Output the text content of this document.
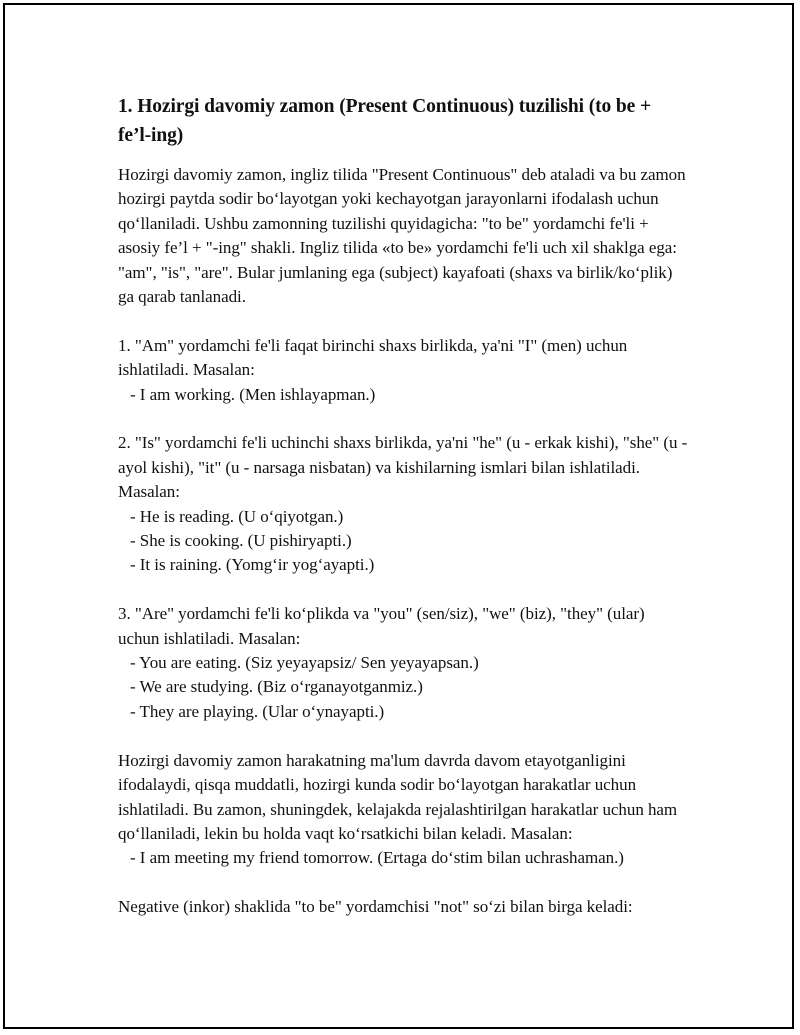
1. Hozirgi davomiy zamon (Present Continuous) tuzilishi (to be + fe’l-ing)

Hozirgi davomiy zamon, ingliz tilida "Present Continuous" deb ataladi va bu zamon hozirgi paytda sodir bo‘layotgan yoki kechayotgan jarayonlarni ifodalash uchun qo‘llaniladi. Ushbu zamonning tuzilishi quyidagicha: "to be" yordamchi fe'li + asosiy fe’l + "-ing" shakli. Ingliz tilida «to be» yordamchi fe'li uch xil shaklga ega: "am", "is", "are". Bular jumlaning ega (subject) kayafoati (shaxs va birlik/ko‘plik) ga qarab tanlanadi.

1. "Am" yordamchi fe'li faqat birinchi shaxs birlikda, ya'ni "I" (men) uchun ishlatiladi. Masalan:

- I am working. (Men ishlayapman.)

2. "Is" yordamchi fe'li uchinchi shaxs birlikda, ya'ni "he" (u - erkak kishi), "she" (u - ayol kishi), "it" (u - narsaga nisbatan) va kishilarning ismlari bilan ishlatiladi. Masalan:

- He is reading. (U o‘qiyotgan.)

- She is cooking. (U pishiryapti.)

- It is raining. (Yomg‘ir yog‘ayapti.)

3. "Are" yordamchi fe'li ko‘plikda va "you" (sen/siz), "we" (biz), "they" (ular) uchun ishlatiladi. Masalan:

- You are eating. (Siz yeyayapsiz/ Sen yeyayapsan.)

- We are studying. (Biz o‘rganayotganmiz.)

- They are playing. (Ular o‘ynayapti.)

Hozirgi davomiy zamon harakatning ma'lum davrda davom etayotganligini ifodalaydi, qisqa muddatli, hozirgi kunda sodir bo‘layotgan harakatlar uchun ishlatiladi. Bu zamon, shuningdek, kelajakda rejalashtirilgan harakatlar uchun ham qo‘llaniladi, lekin bu holda vaqt ko‘rsatkichi bilan keladi. Masalan:

- I am meeting my friend tomorrow. (Ertaga do‘stim bilan uchrashaman.)

Negative (inkor) shaklida "to be" yordamchisi "not" so‘zi bilan birga keladi:
